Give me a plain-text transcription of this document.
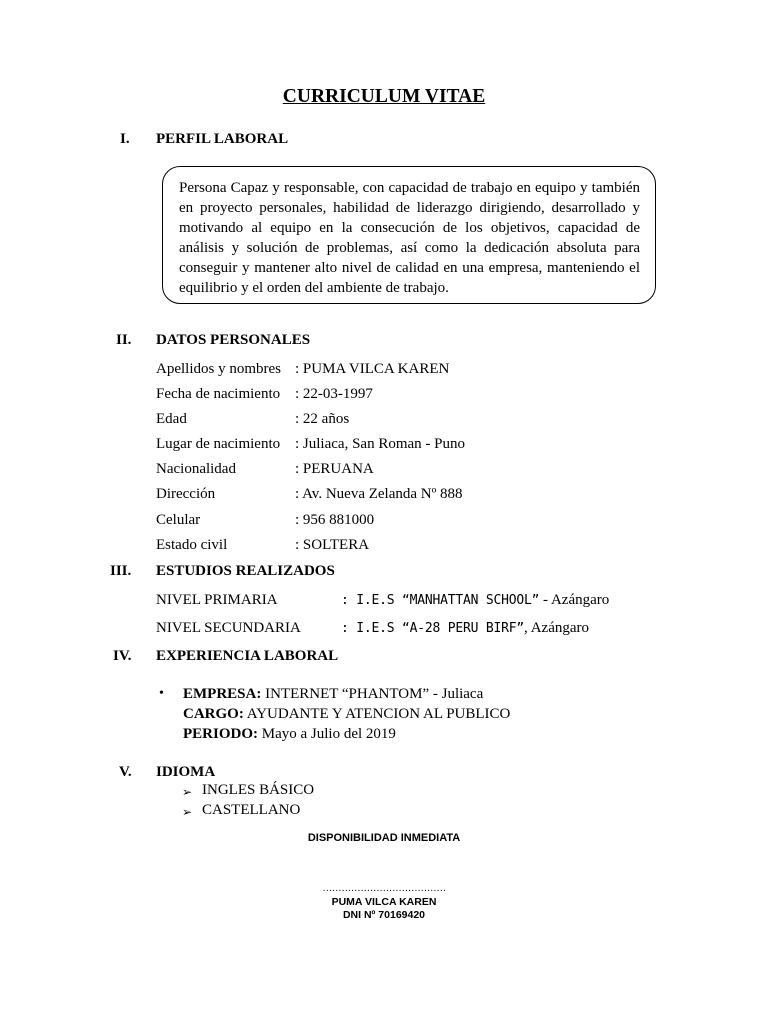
CURRICULUM VITAE
I. PERFIL LABORAL
Persona Capaz y responsable, con capacidad de trabajo en equipo y también en proyecto personales, habilidad de liderazgo dirigiendo, desarrollado y motivando al equipo en la consecución de los objetivos, capacidad de análisis y solución de problemas, así como la dedicación absoluta para conseguir y mantener alto nivel de calidad en una empresa, manteniendo el equilibrio y el orden del ambiente de trabajo.
II. DATOS PERSONALES
Apellidos y nombres : PUMA VILCA KAREN
Fecha de nacimiento : 22-03-1997
Edad	: 22 años
Lugar de nacimiento : Juliaca, San Roman - Puno
Nacionalidad	: PERUANA
Dirección	: Av. Nueva Zelanda Nº 888
Celular	: 956 881000
Estado civil	: SOLTERA
III. ESTUDIOS REALIZADOS
NIVEL PRIMARIA	: I.E.S “MANHATTAN SCHOOL” - Azángaro
NIVEL SECUNDARIA	: I.E.S “A-28 PERU BIRF”, Azángaro
IV. EXPERIENCIA LABORAL
• EMPRESA: INTERNET “PHANTOM” - Juliaca
CARGO: AYUDANTE Y ATENCION AL PUBLICO
PERIODO: Mayo a Julio del 2019
V. IDIOMA
➢ INGLES BÁSICO
➢ CASTELLANO
DISPONIBILIDAD INMEDIATA
…………………………………
PUMA VILCA KAREN
DNI Nº 70169420
